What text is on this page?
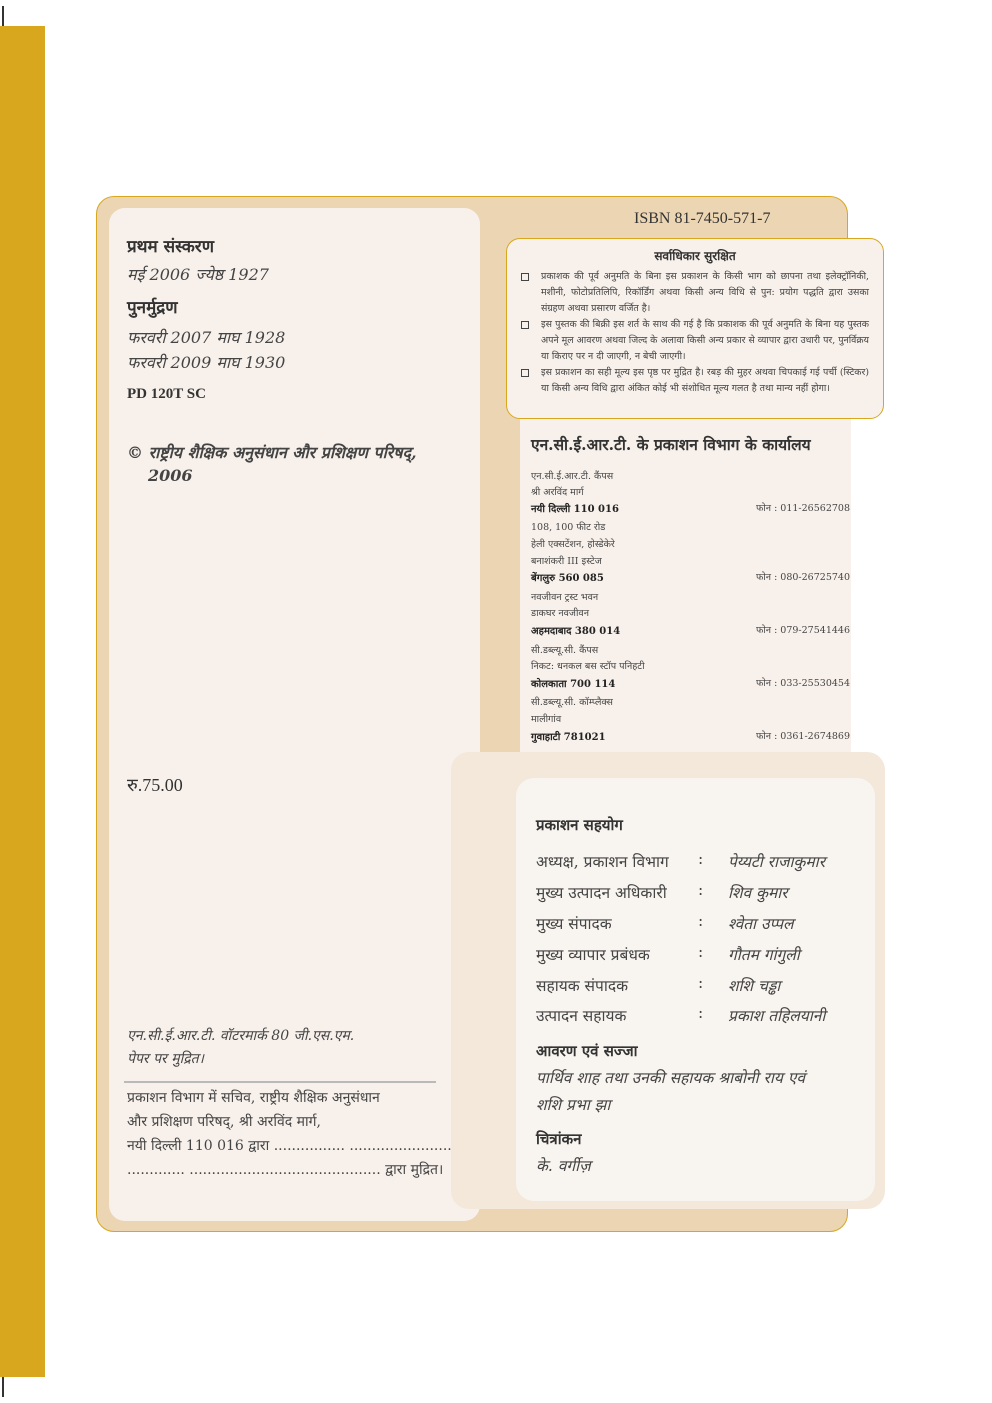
प्रथम संस्करण
मई 2006 ज्येष्ठ 1927
पुनर्मुद्रण
फरवरी 2007 माघ 1928
फरवरी 2009 माघ 1930
PD 120T SC
© राष्ट्रीय शैक्षिक अनुसंधान और प्रशिक्षण परिषद्,
2006
ISBN 81-7450-571-7
सर्वाधिकार सुरक्षित
प्रकाशक की पूर्व अनुमति के बिना इस प्रकाशन के किसी भाग को छापना तथा इलेक्ट्रॉनिकी, मशीनी, फोटोप्रतिलिपि, रिकॉर्डिंग अथवा किसी अन्य विधि से पुन: प्रयोग पद्धति द्वारा उसका संग्रहण अथवा प्रसारण वर्जित है।
इस पुस्तक की बिक्री इस शर्त के साथ की गई है कि प्रकाशक की पूर्व अनुमति के बिना यह पुस्तक अपने मूल आवरण अथवा जिल्द के अलावा किसी अन्य प्रकार से व्यापार द्वारा उधारी पर, पुनर्विक्रय या किराए पर न दी जाएगी, न बेची जाएगी।
इस प्रकाशन का सही मूल्य इस पृष्ठ पर मुद्रित है। रबड़ की मुहर अथवा चिपकाई गई पर्ची (स्टिकर) या किसी अन्य विधि द्वारा अंकित कोई भी संशोधित मूल्य गलत है तथा मान्य नहीं होगा।
एन.सी.ई.आर.टी. के प्रकाशन विभाग के कार्यालय
एन.सी.ई.आर.टी. कैंपस
श्री अरविंद मार्ग
नयी दिल्ली 110 016	फोन : 011-26562708
108, 100 फीट रोड
हेली एक्सटेंशन, होस्डेकेरे
बनाशंकरी III इस्टेज
बेंगलुरु 560 085	फोन : 080-26725740
नवजीवन ट्रस्ट भवन
डाकघर नवजीवन
अहमदाबाद 380 014	फोन : 079-27541446
सी.डब्ल्यू.सी. कैंपस
निकट: धनकल बस स्टॉप पनिहटी
कोलकाता 700 114	फोन : 033-25530454
सी.डब्ल्यू.सी. कॉम्प्लैक्स
मालीगांव
गुवाहाटी 781021	फोन : 0361-2674869
रु.75.00
एन.सी.ई.आर.टी. वॉटरमार्क 80 जी.एस.एम.
पेपर पर मुद्रित।
प्रकाशन विभाग में सचिव, राष्ट्रीय शैक्षिक अनुसंधान
और प्रशिक्षण परिषद्, श्री अरविंद मार्ग,
नयी दिल्ली 110 016 द्वारा ................ .......................
............. ........................................... द्वारा मुद्रित।
प्रकाशन सहयोग
अध्यक्ष, प्रकाशन विभाग : पेय्यटी राजाकुमार
मुख्य उत्पादन अधिकारी : शिव कुमार
मुख्य संपादक	: श्वेता उप्पल
मुख्य व्यापार प्रबंधक	: गौतम गांगुली
सहायक संपादक	: शशि चड्ढा
उत्पादन सहायक	: प्रकाश तहिलयानी
आवरण एवं सज्जा
पार्थिव शाह तथा उनकी सहायक श्राबोनी राय एवं
शशि प्रभा झा
चित्रांकन
के. वर्गीज़
